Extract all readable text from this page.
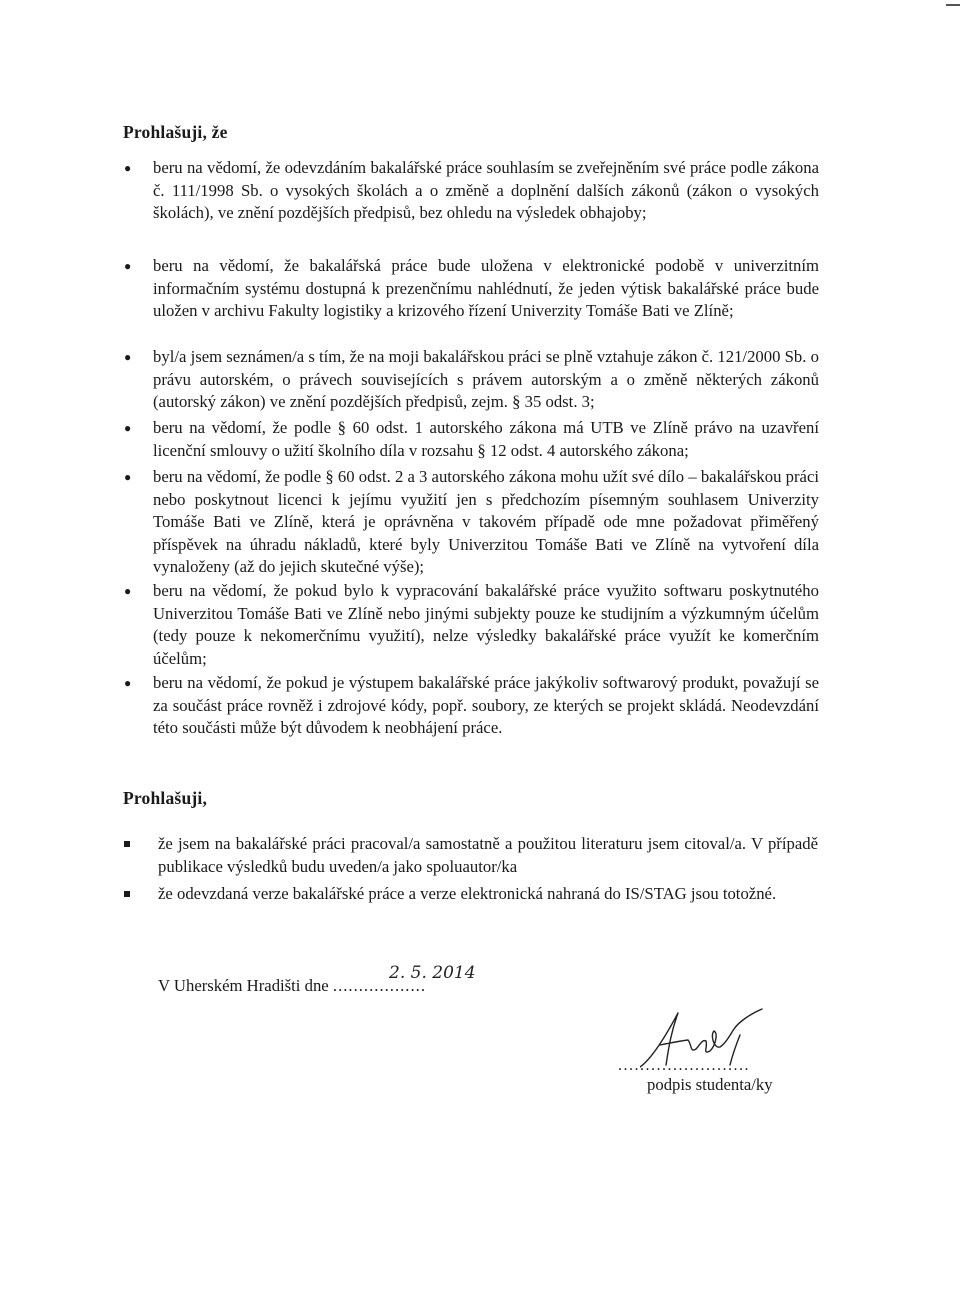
Prohlašuji, že
● beru na vědomí, že odevzdáním bakalářské práce souhlasím se zveřejněním své práce podle zákona č. 111/1998 Sb. o vysokých školách a o změně a doplnění dalších zákonů (zákon o vysokých školách), ve znění pozdějších předpisů, bez ohledu na výsledek obhajoby;
● beru na vědomí, že bakalářská práce bude uložena v elektronické podobě v univerzitním informačním systému dostupná k prezenčnímu nahlédnutí, že jeden výtisk bakalářské práce bude uložen v archivu Fakulty logistiky a krizového řízení Univerzity Tomáše Bati ve Zlíně;
● byl/a jsem seznámen/a s tím, že na moji bakalářskou práci se plně vztahuje zákon č. 121/2000 Sb. o právu autorském, o právech souvisejících s právem autorským a o změně některých zákonů (autorský zákon) ve znění pozdějších předpisů, zejm. § 35 odst. 3;
● beru na vědomí, že podle § 60 odst. 1 autorského zákona má UTB ve Zlíně právo na uzavření licenční smlouvy o užití školního díla v rozsahu § 12 odst. 4 autorského zákona;
● beru na vědomí, že podle § 60 odst. 2 a 3 autorského zákona mohu užít své dílo – bakalářskou práci nebo poskytnout licenci k jejímu využití jen s předchozím písemným souhlasem Univerzity Tomáše Bati ve Zlíně, která je oprávněna v takovém případě ode mne požadovat přiměřený příspěvek na úhradu nákladů, které byly Univerzitou Tomáše Bati ve Zlíně na vytvoření díla vynaloženy (až do jejich skutečné výše);
● beru na vědomí, že pokud bylo k vypracování bakalářské práce využito softwaru poskytnutého Univerzitou Tomáše Bati ve Zlíně nebo jinými subjekty pouze ke studijním a výzkumným účelům (tedy pouze k nekomerčnímu využití), nelze výsledky bakalářské práce využít ke komerčním účelům;
● beru na vědomí, že pokud je výstupem bakalářské práce jakýkoliv softwarový produkt, považují se za součást práce rovněž i zdrojové kódy, popř. soubory, ze kterých se projekt skládá. Neodevzdání této součásti může být důvodem k neobhájení práce.
Prohlašuji,
že jsem na bakalářské práci pracoval/a samostatně a použitou literaturu jsem citoval/a. V případě publikace výsledků budu uveden/a jako spoluautor/ka
že odevzdaná verze bakalářské práce a verze elektronická nahraná do IS/STAG jsou totožné.
V Uherském Hradišti dne ..................
2. 5. 2014
........................
podpis studenta/ky
